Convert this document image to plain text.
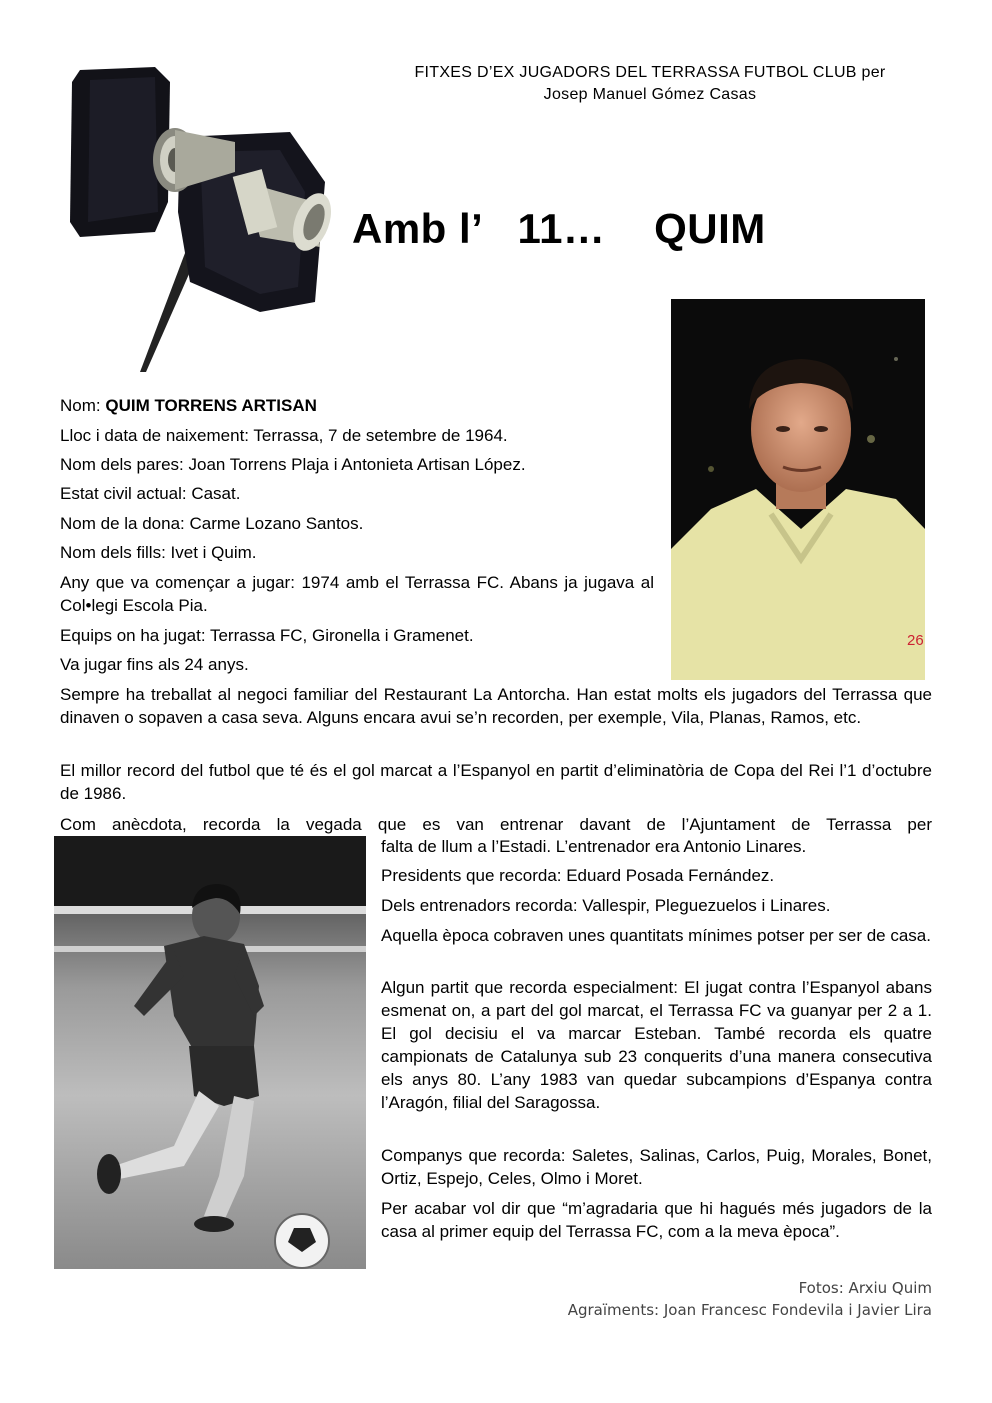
FITXES D’EX JUGADORS DEL TERRASSA FUTBOL CLUB per
Josep Manuel Gómez Casas
Amb l’   11…    QUIM
26

Nom: QUIM TORRENS ARTISAN

Lloc i data de naixement: Terrassa, 7 de setembre de 1964.

Nom dels pares: Joan Torrens Plaja i Antonieta Artisan López.

Estat civil actual: Casat.

Nom de la dona: Carme Lozano Santos.

Nom dels fills: Ivet i Quim.

Any que va començar a jugar: 1974 amb el Terrassa FC. Abans ja jugava al Col•legi Escola Pia.

Equips on ha jugat: Terrassa FC, Gironella i Gramenet.

Va jugar fins als 24 anys.

Sempre ha treballat al negoci familiar del Restaurant La Antorcha. Han estat molts els jugadors del Terrassa que dinaven o sopaven a casa seva. Alguns encara avui se’n recorden, per exemple, Vila, Planas, Ramos, etc.

El millor record del futbol que té és el gol marcat a l’Espanyol en partit d’eliminatòria de Copa del Rei l’1 d’octubre de 1986.

Com anècdota, recorda la vegada que es van entrenar davant de l’Ajuntament de Terrassa per

falta de llum a l’Estadi. L’entrenador era Antonio Linares.

Presidents que recorda: Eduard Posada Fernández.

Dels entrenadors recorda: Vallespir, Pleguezuelos i Linares.

Aquella època cobraven unes quantitats mínimes potser per ser de casa.

Algun partit que recorda especialment: El jugat contra l’Espanyol abans esmenat on, a part del gol marcat, el Terrassa FC va guanyar per 2 a 1. El gol decisiu el va marcar Esteban. També recorda els quatre campionats de Catalunya sub 23 conquerits d’una manera consecutiva els anys 80. L’any 1983 van quedar subcampions d’Espanya contra l’Aragón, filial del Saragossa.

Companys que recorda: Saletes, Salinas, Carlos, Puig, Morales, Bonet, Ortiz, Espejo, Celes, Olmo i Moret.

Per acabar vol dir que “m’agradaria que hi hagués més jugadors de la casa al primer equip del Terrassa FC, com a la meva època”.

Fotos: Arxiu Quim
Agraïments: Joan Francesc Fondevila i Javier Lira
